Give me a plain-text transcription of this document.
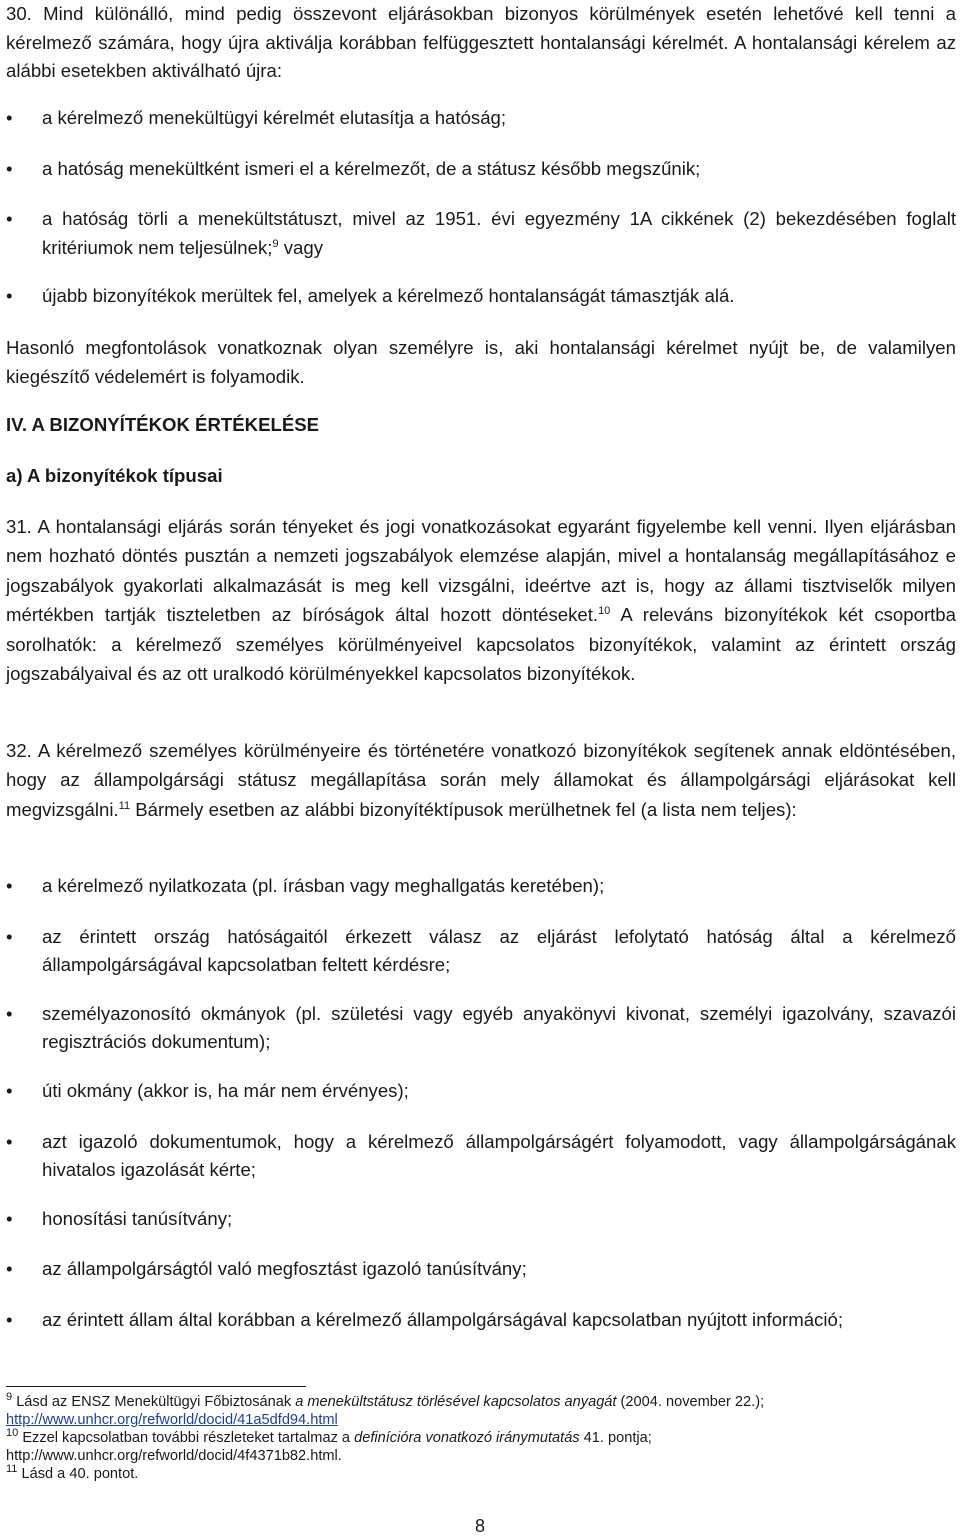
30. Mind különálló, mind pedig összevont eljárásokban bizonyos körülmények esetén lehetővé kell tenni a kérelmező számára, hogy újra aktiválja korábban felfüggesztett hontalansági kérelmét. A hontalansági kérelem az alábbi esetekben aktiválható újra:

•	a kérelmező menekültügyi kérelmét elutasítja a hatóság;
•	a hatóság menekültként ismeri el a kérelmezőt, de a státusz később megszűnik;
•	a hatóság törli a menekültstátuszt, mivel az 1951. évi egyezmény 1A cikkének (2) bekezdésében foglalt kritériumok nem teljesülnek;$^9$ vagy
•	újabb bizonyítékok merültek fel, amelyek a kérelmező hontalanságát támasztják alá.

Hasonló megfontolások vonatkoznak olyan személyre is, aki hontalansági kérelmet nyújt be, de valamilyen kiegészítő védelemért is folyamodik.

IV. A BIZONYÍTÉKOK ÉRTÉKELÉSE

a) A bizonyítékok típusai

31. A hontalansági eljárás során tényeket és jogi vonatkozásokat egyaránt figyelembe kell venni. Ilyen eljárásban nem hozható döntés pusztán a nemzeti jogszabályok elemzése alapján, mivel a hontalanság megállapításához e jogszabályok gyakorlati alkalmazását is meg kell vizsgálni, ideértve azt is, hogy az állami tisztviselők milyen mértékben tartják tiszteletben az bíróságok által hozott döntéseket.$^{10}$ A releváns bizonyítékok két csoportba sorolhatók: a kérelmező személyes körülményeivel kapcsolatos bizonyítékok, valamint az érintett ország jogszabályaival és az ott uralkodó körülményekkel kapcsolatos bizonyítékok.

32. A kérelmező személyes körülményeire és történetére vonatkozó bizonyítékok segítenek annak eldöntésében, hogy az állampolgársági státusz megállapítása során mely államokat és állampolgársági eljárásokat kell megvizsgálni.$^{11}$ Bármely esetben az alábbi bizonyítéktípusok merülhetnek fel (a lista nem teljes):

•	a kérelmező nyilatkozata (pl. írásban vagy meghallgatás keretében);
•	az érintett ország hatóságaitól érkezett válasz az eljárást lefolytató hatóság által a kérelmező állampolgárságával kapcsolatban feltett kérdésre;
•	személyazonosító okmányok (pl. születési vagy egyéb anyakönyvi kivonat, személyi igazolvány, szavazói regisztrációs dokumentum);
•	úti okmány (akkor is, ha már nem érvényes);
•	azt igazoló dokumentumok, hogy a kérelmező állampolgárságért folyamodott, vagy állampolgárságának hivatalos igazolását kérte;
•	honosítási tanúsítvány;
•	az állampolgárságtól való megfosztást igazoló tanúsítvány;
•	az érintett állam által korábban a kérelmező állampolgárságával kapcsolatban nyújtott információ;

$^9$ Lásd az ENSZ Menekültügyi Főbiztosának a menekültstátusz törlésével kapcsolatos anyagát (2004. november 22.);
http://www.unhcr.org/refworld/docid/41a5dfd94.html

$^{10}$ Ezzel kapcsolatban további részleteket tartalmaz a definícióra vonatkozó iránymutatás 41. pontja;
http://www.unhcr.org/refworld/docid/4f4371b82.html.

$^{11}$ Lásd a 40. pontot.

8
